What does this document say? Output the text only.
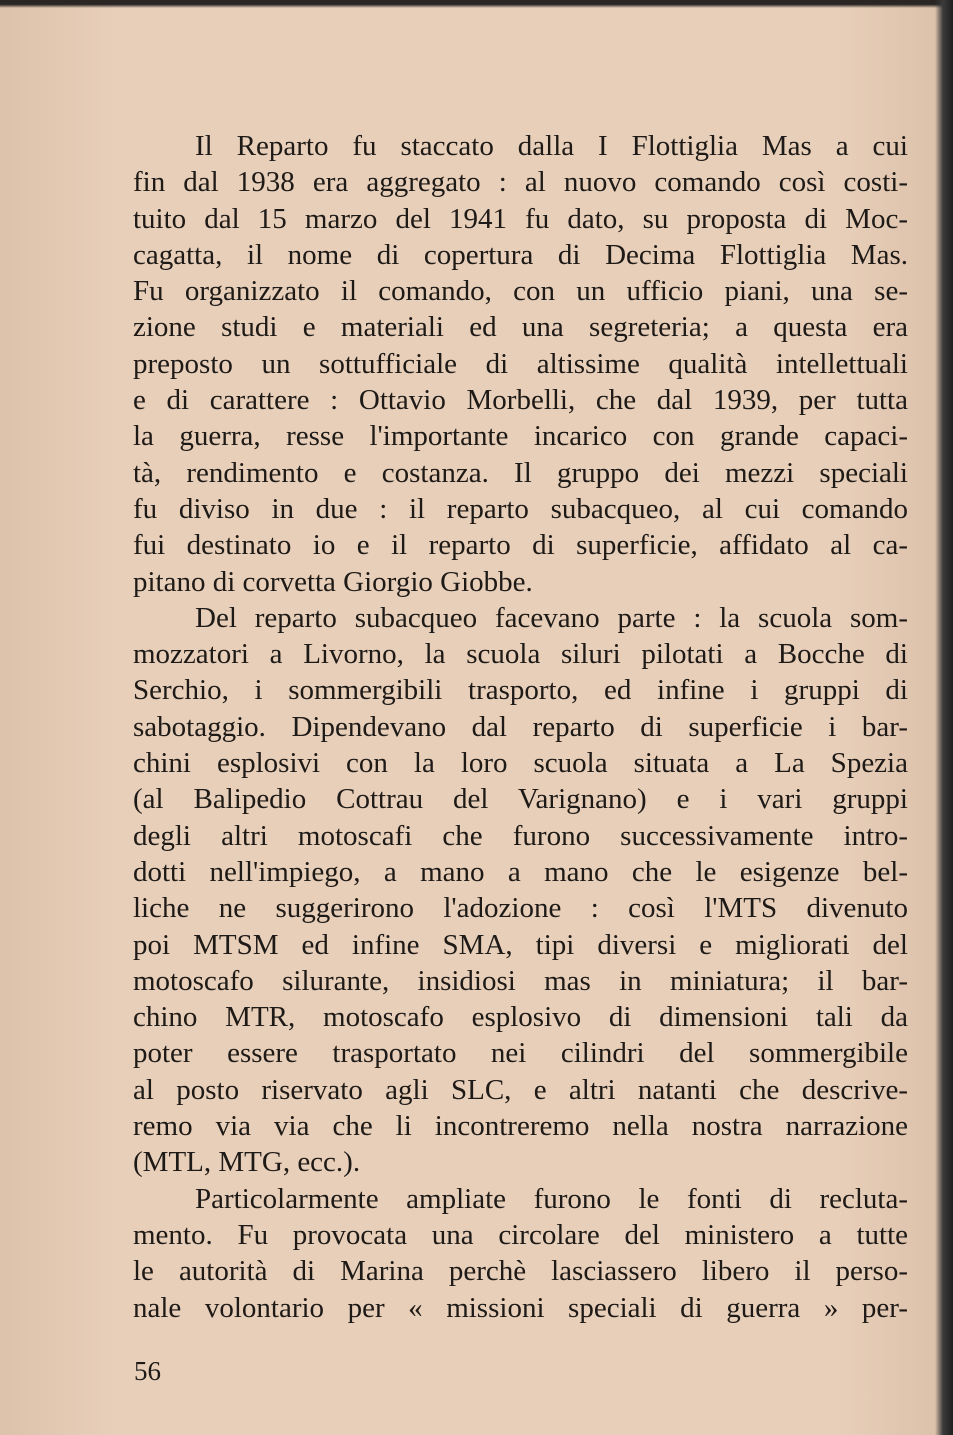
Il Reparto fu staccato dalla I Flottiglia Mas a cui
fin dal 1938 era aggregato : al nuovo comando così costi-
tuito dal 15 marzo del 1941 fu dato, su proposta di Moc-
cagatta, il nome di copertura di Decima Flottiglia Mas.
Fu organizzato il comando, con un ufficio piani, una se-
zione studi e materiali ed una segreteria; a questa era
preposto un sottufficiale di altissime qualità intellettuali
e di carattere : Ottavio Morbelli, che dal 1939, per tutta
la guerra, resse l'importante incarico con grande capaci-
tà, rendimento e costanza. Il gruppo dei mezzi speciali
fu diviso in due : il reparto subacqueo, al cui comando
fui destinato io e il reparto di superficie, affidato al ca-
pitano di corvetta Giorgio Giobbe.
Del reparto subacqueo facevano parte : la scuola som-
mozzatori a Livorno, la scuola siluri pilotati a Bocche di
Serchio, i sommergibili trasporto, ed infine i gruppi di
sabotaggio. Dipendevano dal reparto di superficie i bar-
chini esplosivi con la loro scuola situata a La Spezia
(al Balipedio Cottrau del Varignano) e i vari gruppi
degli altri motoscafi che furono successivamente intro-
dotti nell'impiego, a mano a mano che le esigenze bel-
liche ne suggerirono l'adozione : così l'MTS divenuto
poi MTSM ed infine SMA, tipi diversi e migliorati del
motoscafo silurante, insidiosi mas in miniatura; il bar-
chino MTR, motoscafo esplosivo di dimensioni tali da
poter essere trasportato nei cilindri del sommergibile
al posto riservato agli SLC, e altri natanti che descrive-
remo via via che li incontreremo nella nostra narrazione
(MTL, MTG, ecc.).
Particolarmente ampliate furono le fonti di recluta-
mento. Fu provocata una circolare del ministero a tutte
le autorità di Marina perchè lasciassero libero il perso-
nale volontario per « missioni speciali di guerra » per-
56
